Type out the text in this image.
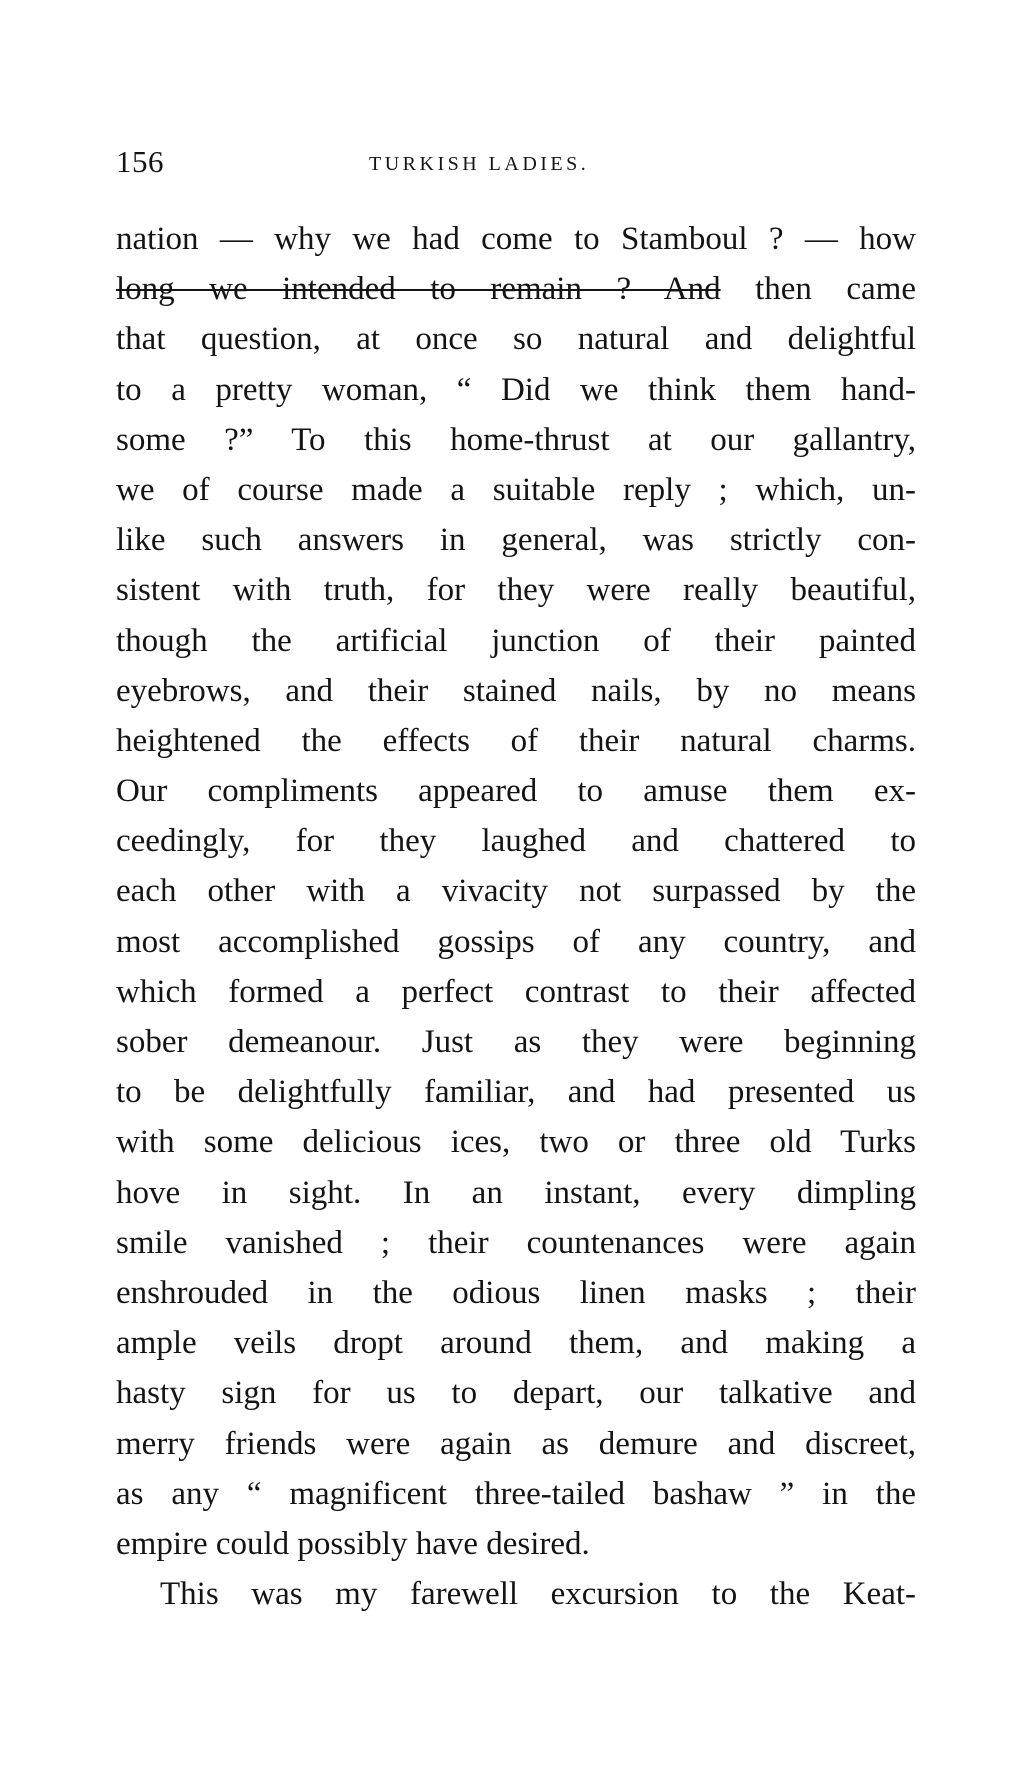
156	TURKISH LADIES.
nation — why we had come to Stamboul ? — how
long we intended to remain ? And then came
that question, at once so natural and delightful
to a pretty woman, “ Did we think them hand-
some ?” To this home-thrust at our gallantry,
we of course made a suitable reply ; which, un-
like such answers in general, was strictly con-
sistent with truth, for they were really beautiful,
though the artificial junction of their painted
eyebrows, and their stained nails, by no means
heightened the effects of their natural charms.
Our compliments appeared to amuse them ex-
ceedingly, for they laughed and chattered to
each other with a vivacity not surpassed by the
most accomplished gossips of any country, and
which formed a perfect contrast to their affected
sober demeanour. Just as they were beginning
to be delightfully familiar, and had presented us
with some delicious ices, two or three old Turks
hove in sight. In an instant, every dimpling
smile vanished ; their countenances were again
enshrouded in the odious linen masks ; their
ample veils dropt around them, and making a
hasty sign for us to depart, our talkative and
merry friends were again as demure and discreet,
as any “ magnificent three-tailed bashaw ” in the
empire could possibly have desired.
This was my farewell excursion to the Keat-
